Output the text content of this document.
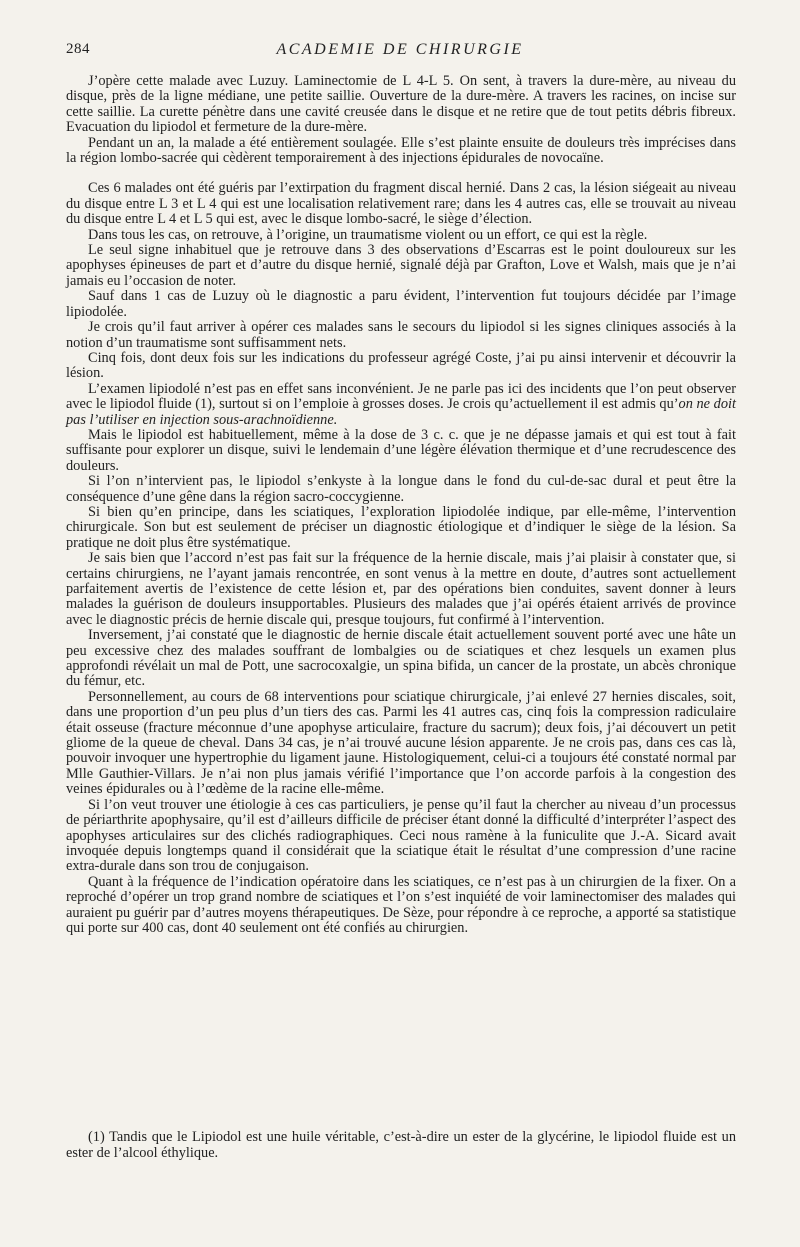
284	ACADEMIE DE CHIRURGIE

J’opère cette malade avec Luzuy. Laminectomie de L 4-L 5. On sent, à travers la dure-mère, au niveau du disque, près de la ligne médiane, une petite saillie. Ouverture de la dure-mère. A travers les racines, on incise sur cette saillie. La curette pénètre dans une cavité creusée dans le disque et ne retire que de tout petits débris fibreux. Evacuation du lipiodol et fermeture de la dure-mère.

Pendant un an, la malade a été entièrement soulagée. Elle s’est plainte ensuite de douleurs très imprécises dans la région lombo-sacrée qui cèdèrent temporairement à des injections épidurales de novocaïne.

Ces 6 malades ont été guéris par l’extirpation du fragment discal hernié. Dans 2 cas, la lésion siégeait au niveau du disque entre L 3 et L 4 qui est une localisation relativement rare; dans les 4 autres cas, elle se trouvait au niveau du disque entre L 4 et L 5 qui est, avec le disque lombo-sacré, le siège d’élection.

Dans tous les cas, on retrouve, à l’origine, un traumatisme violent ou un effort, ce qui est la règle.

Le seul signe inhabituel que je retrouve dans 3 des observations d’Escarras est le point douloureux sur les apophyses épineuses de part et d’autre du disque hernié, signalé déjà par Grafton, Love et Walsh, mais que je n’ai jamais eu l’occasion de noter.

Sauf dans 1 cas de Luzuy où le diagnostic a paru évident, l’intervention fut toujours décidée par l’image lipiodolée.

Je crois qu’il faut arriver à opérer ces malades sans le secours du lipiodol si les signes cliniques associés à la notion d’un traumatisme sont suffisamment nets.

Cinq fois, dont deux fois sur les indications du professeur agrégé Coste, j’ai pu ainsi intervenir et découvrir la lésion.

L’examen lipiodolé n’est pas en effet sans inconvénient. Je ne parle pas ici des incidents que l’on peut observer avec le lipiodol fluide (1), surtout si on l’emploie à grosses doses. Je crois qu’actuellement il est admis qu’on ne doit pas l’utiliser en injection sous-arachnoïdienne.

Mais le lipiodol est habituellement, même à la dose de 3 c. c. que je ne dépasse jamais et qui est tout à fait suffisante pour explorer un disque, suivi le lendemain d’une légère élévation thermique et d’une recrudescence des douleurs.

Si l’on n’intervient pas, le lipiodol s’enkyste à la longue dans le fond du cul-de-sac dural et peut être la conséquence d’une gêne dans la région sacro-coccygienne.

Si bien qu’en principe, dans les sciatiques, l’exploration lipiodolée indique, par elle-même, l’intervention chirurgicale. Son but est seulement de préciser un diagnostic étiologique et d’indiquer le siège de la lésion. Sa pratique ne doit plus être systématique.

Je sais bien que l’accord n’est pas fait sur la fréquence de la hernie discale, mais j’ai plaisir à constater que, si certains chirurgiens, ne l’ayant jamais rencontrée, en sont venus à la mettre en doute, d’autres sont actuellement parfaitement avertis de l’existence de cette lésion et, par des opérations bien conduites, savent donner à leurs malades la guérison de douleurs insupportables. Plusieurs des malades que j’ai opérés étaient arrivés de province avec le diagnostic précis de hernie discale qui, presque toujours, fut confirmé à l’intervention.

Inversement, j’ai constaté que le diagnostic de hernie discale était actuellement souvent porté avec une hâte un peu excessive chez des malades souffrant de lombalgies ou de sciatiques et chez lesquels un examen plus approfondi révélait un mal de Pott, une sacrocoxalgie, un spina bifida, un cancer de la prostate, un abcès chronique du fémur, etc.

Personnellement, au cours de 68 interventions pour sciatique chirurgicale, j’ai enlevé 27 hernies discales, soit, dans une proportion d’un peu plus d’un tiers des cas. Parmi les 41 autres cas, cinq fois la compression radiculaire était osseuse (fracture méconnue d’une apophyse articulaire, fracture du sacrum); deux fois, j’ai découvert un petit gliome de la queue de cheval. Dans 34 cas, je n’ai trouvé aucune lésion apparente. Je ne crois pas, dans ces cas là, pouvoir invoquer une hypertrophie du ligament jaune. Histologiquement, celui-ci a toujours été constaté normal par Mlle Gauthier-Villars. Je n’ai non plus jamais vérifié l’importance que l’on accorde parfois à la congestion des veines épidurales ou à l’œdème de la racine elle-même.

Si l’on veut trouver une étiologie à ces cas particuliers, je pense qu’il faut la chercher au niveau d’un processus de périarthrite apophysaire, qu’il est d’ailleurs difficile de préciser étant donné la difficulté d’interpréter l’aspect des apophyses articulaires sur des clichés radiographiques. Ceci nous ramène à la funiculite que J.-A. Sicard avait invoquée depuis longtemps quand il considérait que la sciatique était le résultat d’une compression d’une racine extra-durale dans son trou de conjugaison.

Quant à la fréquence de l’indication opératoire dans les sciatiques, ce n’est pas à un chirurgien de la fixer. On a reproché d’opérer un trop grand nombre de sciatiques et l’on s’est inquiété de voir laminectomiser des malades qui auraient pu guérir par d’autres moyens thérapeutiques. De Sèze, pour répondre à ce reproche, a apporté sa statistique qui porte sur 400 cas, dont 40 seulement ont été confiés au chirurgien.

(1) Tandis que le Lipiodol est une huile véritable, c’est-à-dire un ester de la glycérine, le lipiodol fluide est un ester de l’alcool éthylique.
